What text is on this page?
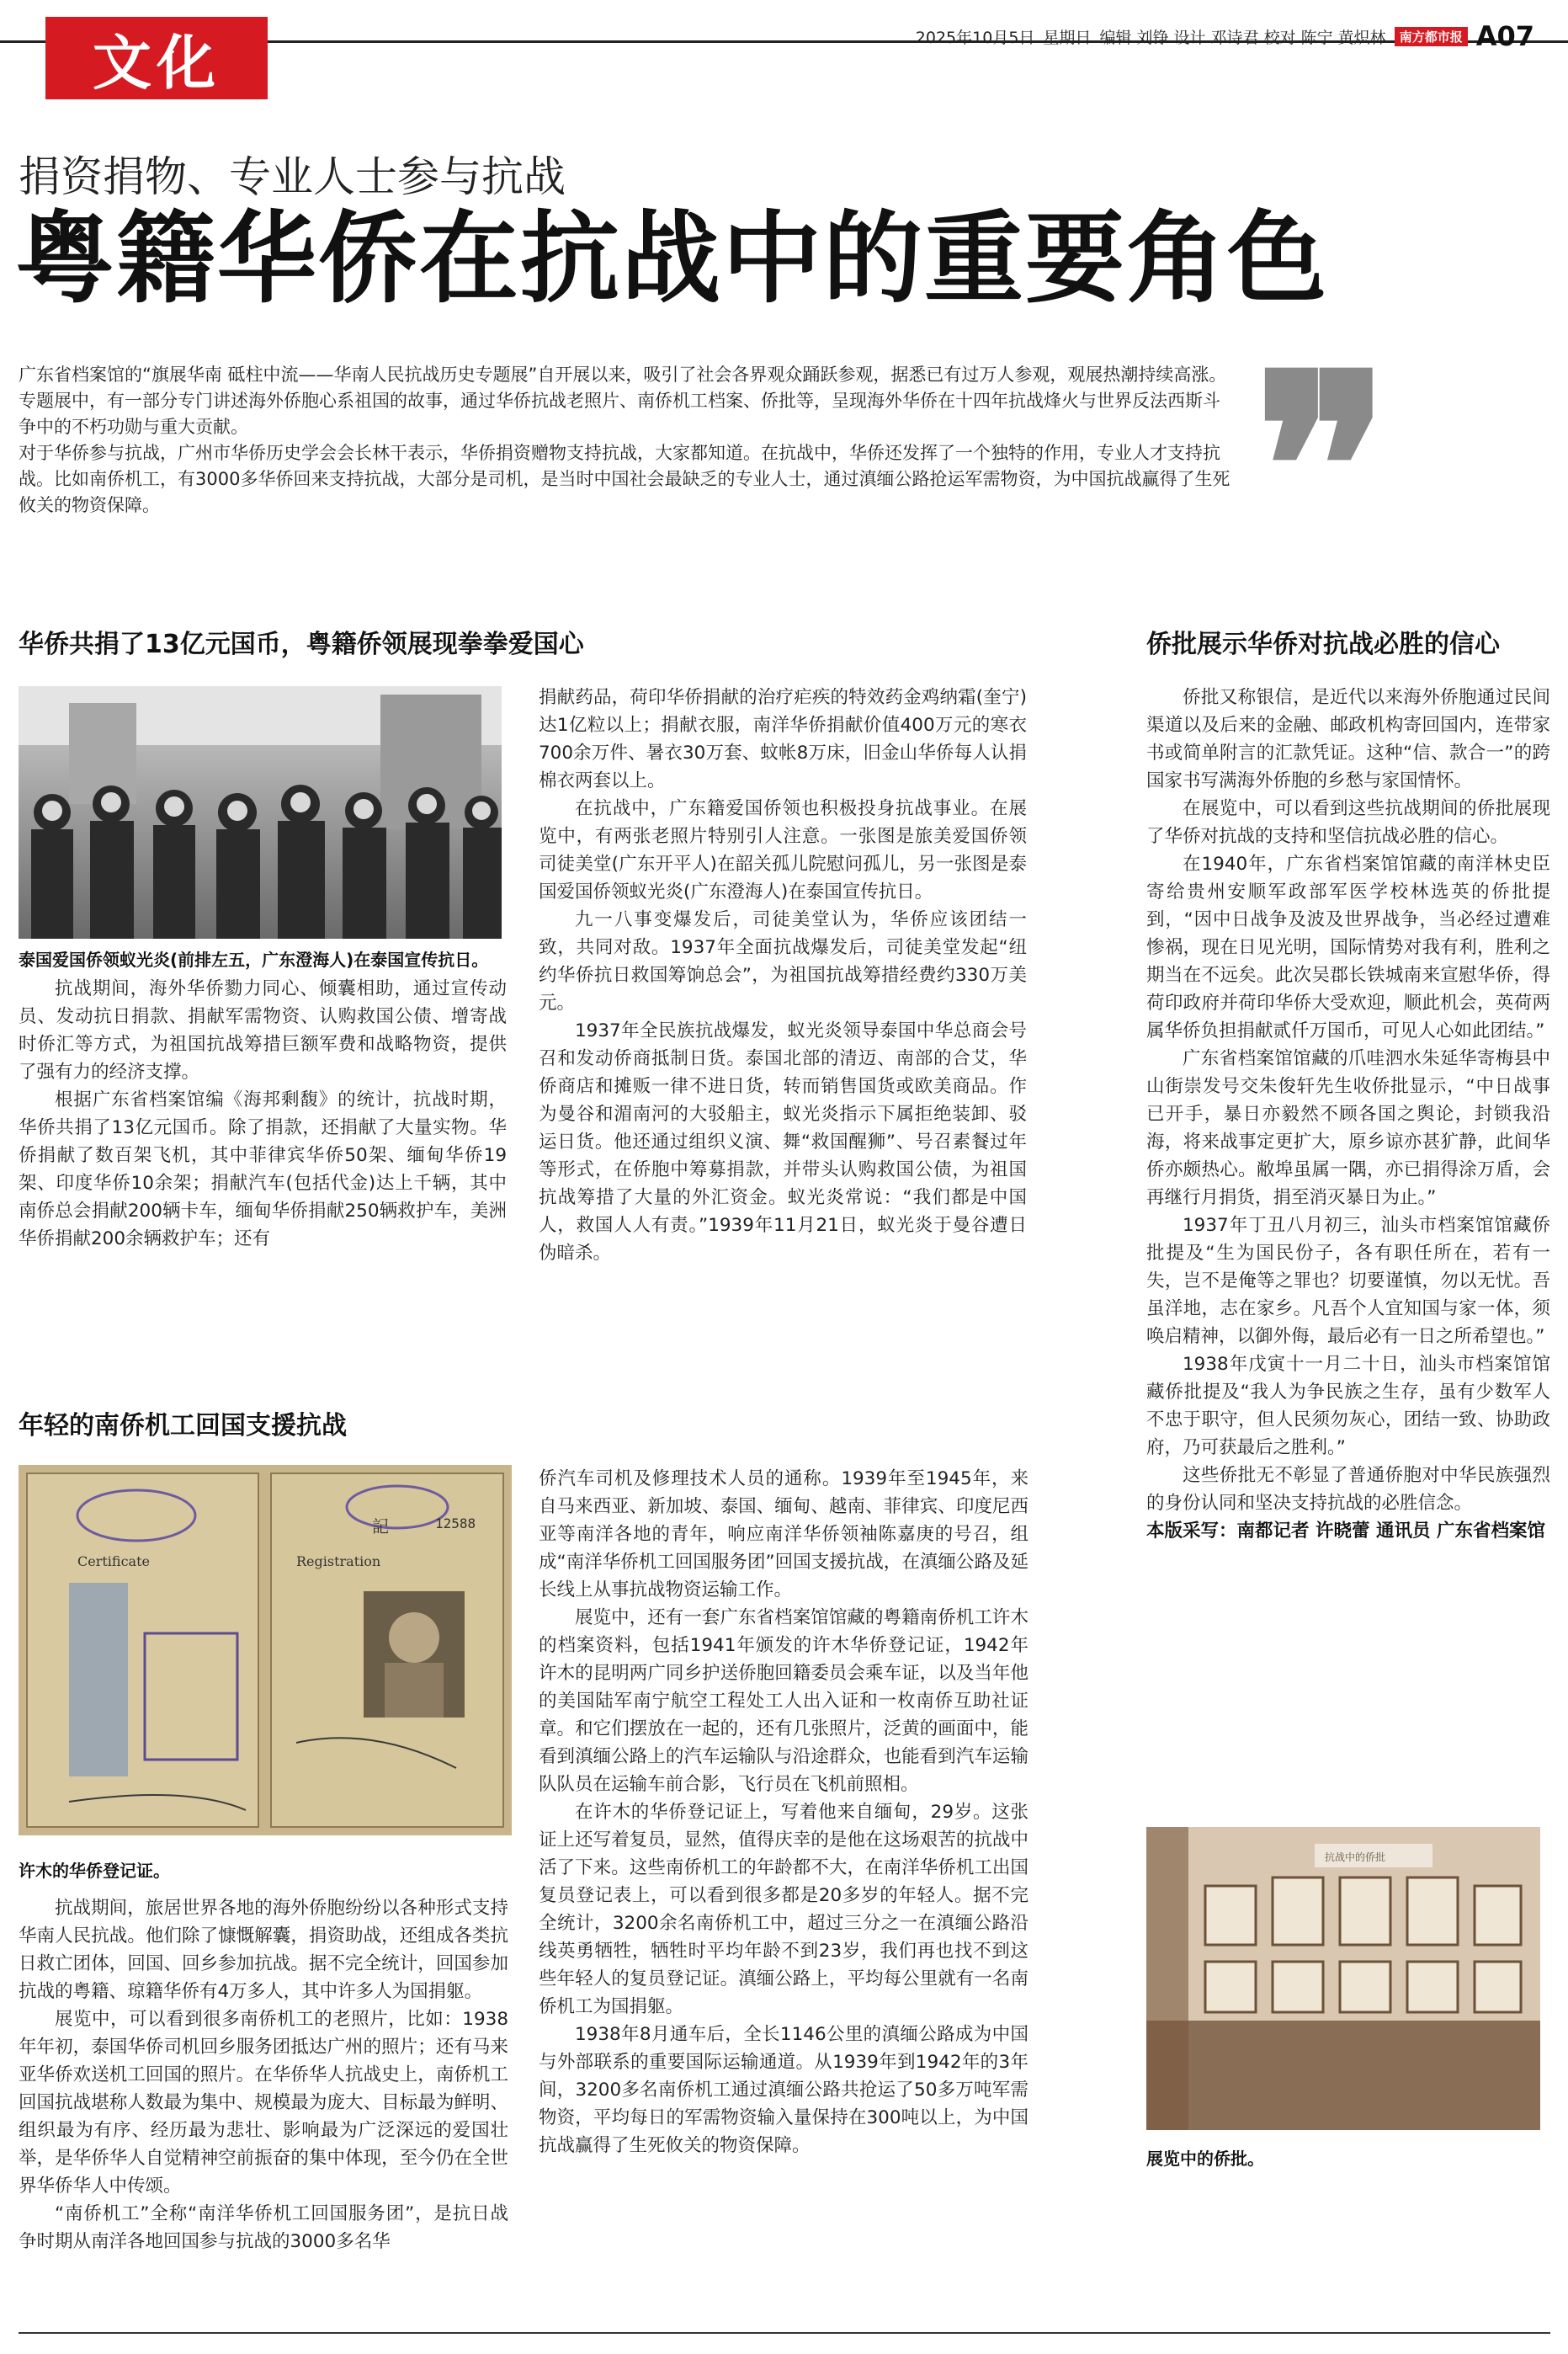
文化	2025年10月5日 星期日 编辑 刘铮 设计 邓诗君 校对 陈宁 黄炽林	南方都市报 A07
捐资捐物、专业人士参与抗战
粤籍华侨在抗战中的重要角色

广东省档案馆的“旗展华南 砥柱中流——华南人民抗战历史专题展”自开展以来，吸引了社会各界观众踊跃参观，据悉已有过万人参观，观展热潮持续高涨。

专题展中，有一部分专门讲述海外侨胞心系祖国的故事，通过华侨抗战老照片、南侨机工档案、侨批等，呈现海外华侨在十四年抗战烽火与世界反法西斯斗争中的不朽功勋与重大贡献。

对于华侨参与抗战，广州市华侨历史学会会长林干表示，华侨捐资赠物支持抗战，大家都知道。在抗战中，华侨还发挥了一个独特的作用，专业人才支持抗战。比如南侨机工，有3000多华侨回来支持抗战，大部分是司机，是当时中国社会最缺乏的专业人士，通过滇缅公路抢运军需物资，为中国抗战赢得了生死攸关的物资保障。	❞
华侨共捐了13亿元国币，粤籍侨领展现拳拳爱国心
泰国爱国侨领蚁光炎(前排左五，广东澄海人)在泰国宣传抗日。

抗战期间，海外华侨勠力同心、倾囊相助，通过宣传动员、发动抗日捐款、捐献军需物资、认购救国公债、增寄战时侨汇等方式，为祖国抗战筹措巨额军费和战略物资，提供了强有力的经济支撑。

根据广东省档案馆编《海邦剩馥》的统计，抗战时期，华侨共捐了13亿元国币。除了捐款，还捐献了大量实物。华侨捐献了数百架飞机，其中菲律宾华侨50架、缅甸华侨19架、印度华侨10余架；捐献汽车(包括代金)达上千辆，其中南侨总会捐献200辆卡车，缅甸华侨捐献250辆救护车，美洲华侨捐献200余辆救护车；还有

捐献药品，荷印华侨捐献的治疗疟疾的特效药金鸡纳霜(奎宁)达1亿粒以上；捐献衣服，南洋华侨捐献价值400万元的寒衣700余万件、暑衣30万套、蚊帐8万床，旧金山华侨每人认捐棉衣两套以上。

在抗战中，广东籍爱国侨领也积极投身抗战事业。在展览中，有两张老照片特别引人注意。一张图是旅美爱国侨领司徒美堂(广东开平人)在韶关孤儿院慰问孤儿，另一张图是泰国爱国侨领蚁光炎(广东澄海人)在泰国宣传抗日。

九一八事变爆发后，司徒美堂认为，华侨应该团结一致，共同对敌。1937年全面抗战爆发后，司徒美堂发起“纽约华侨抗日救国筹饷总会”，为祖国抗战筹措经费约330万美元。

1937年全民族抗战爆发，蚁光炎领导泰国中华总商会号召和发动侨商抵制日货。泰国北部的清迈、南部的合艾，华侨商店和摊贩一律不进日货，转而销售国货或欧美商品。作为曼谷和湄南河的大驳船主，蚁光炎指示下属拒绝装卸、驳运日货。他还通过组织义演、舞“救国醒狮”、号召素餐过年等形式，在侨胞中筹募捐款，并带头认购救国公债，为祖国抗战筹措了大量的外汇资金。蚁光炎常说：“我们都是中国人，救国人人有责。”1939年11月21日，蚁光炎于曼谷遭日伪暗杀。

年轻的南侨机工回国支援抗战
Certificate	Registration
12588
記
许木的华侨登记证。

抗战期间，旅居世界各地的海外侨胞纷纷以各种形式支持华南人民抗战。他们除了慷慨解囊，捐资助战，还组成各类抗日救亡团体，回国、回乡参加抗战。据不完全统计，回国参加抗战的粤籍、琼籍华侨有4万多人，其中许多人为国捐躯。

展览中，可以看到很多南侨机工的老照片，比如：1938年年初，泰国华侨司机回乡服务团抵达广州的照片；还有马来亚华侨欢送机工回国的照片。在华侨华人抗战史上，南侨机工回国抗战堪称人数最为集中、规模最为庞大、目标最为鲜明、组织最为有序、经历最为悲壮、影响最为广泛深远的爱国壮举，是华侨华人自觉精神空前振奋的集中体现，至今仍在全世界华侨华人中传颂。

“南侨机工”全称“南洋华侨机工回国服务团”，是抗日战争时期从南洋各地回国参与抗战的3000多名华

侨汽车司机及修理技术人员的通称。1939年至1945年，来自马来西亚、新加坡、泰国、缅甸、越南、菲律宾、印度尼西亚等南洋各地的青年，响应南洋华侨领袖陈嘉庚的号召，组成“南洋华侨机工回国服务团”回国支援抗战，在滇缅公路及延长线上从事抗战物资运输工作。

展览中，还有一套广东省档案馆馆藏的粤籍南侨机工许木的档案资料，包括1941年颁发的许木华侨登记证，1942年许木的昆明两广同乡护送侨胞回籍委员会乘车证，以及当年他的美国陆军南宁航空工程处工人出入证和一枚南侨互助社证章。和它们摆放在一起的，还有几张照片，泛黄的画面中，能看到滇缅公路上的汽车运输队与沿途群众，也能看到汽车运输队队员在运输车前合影，飞行员在飞机前照相。

在许木的华侨登记证上，写着他来自缅甸，29岁。这张证上还写着复员，显然，值得庆幸的是他在这场艰苦的抗战中活了下来。这些南侨机工的年龄都不大，在南洋华侨机工出国复员登记表上，可以看到很多都是20多岁的年轻人。据不完全统计，3200余名南侨机工中，超过三分之一在滇缅公路沿线英勇牺牲，牺牲时平均年龄不到23岁，我们再也找不到这些年轻人的复员登记证。滇缅公路上，平均每公里就有一名南侨机工为国捐躯。

1938年8月通车后，全长1146公里的滇缅公路成为中国与外部联系的重要国际运输通道。从1939年到1942年的3年间，3200多名南侨机工通过滇缅公路共抢运了50多万吨军需物资，平均每日的军需物资输入量保持在300吨以上，为中国抗战赢得了生死攸关的物资保障。

侨批展示华侨对抗战必胜的信心

侨批又称银信，是近代以来海外侨胞通过民间渠道以及后来的金融、邮政机构寄回国内，连带家书或简单附言的汇款凭证。这种“信、款合一”的跨国家书写满海外侨胞的乡愁与家国情怀。

在展览中，可以看到这些抗战期间的侨批展现了华侨对抗战的支持和坚信抗战必胜的信心。

在1940年，广东省档案馆馆藏的南洋林史臣寄给贵州安顺军政部军医学校林选英的侨批提到，“因中日战争及波及世界战争，当必经过遭难惨祸，现在日见光明，国际情势对我有利，胜利之期当在不远矣。此次吴郡长铁城南来宣慰华侨，得荷印政府并荷印华侨大受欢迎，顺此机会，英荷两属华侨负担捐献贰仟万国币，可见人心如此团结。”

广东省档案馆馆藏的爪哇泗水朱延华寄梅县中山街崇发号交朱俊轩先生收侨批显示，“中日战事已开手，暴日亦毅然不顾各国之舆论，封锁我沿海，将来战事定更扩大，原乡谅亦甚犷静，此间华侨亦颇热心。敝埠虽属一隅，亦已捐得涂万盾，会再继行月捐货，捐至消灭暴日为止。”

1937年丁丑八月初三，汕头市档案馆馆藏侨批提及“生为国民份子，各有职任所在，若有一失，岂不是俺等之罪也？切要谨慎，勿以无忧。吾虽洋地，志在家乡。凡吾个人宜知国与家一体，须唤启精神，以御外侮，最后必有一日之所希望也。”

1938年戊寅十一月二十日，汕头市档案馆馆藏侨批提及“我人为争民族之生存，虽有少数军人不忠于职守，但人民须勿灰心，团结一致、协助政府，乃可获最后之胜利。”

这些侨批无不彰显了普通侨胞对中华民族强烈的身份认同和坚决支持抗战的必胜信念。

本版采写：南都记者 许晓蕾 通讯员 广东省档案馆

抗战中的侨批
展览中的侨批。
